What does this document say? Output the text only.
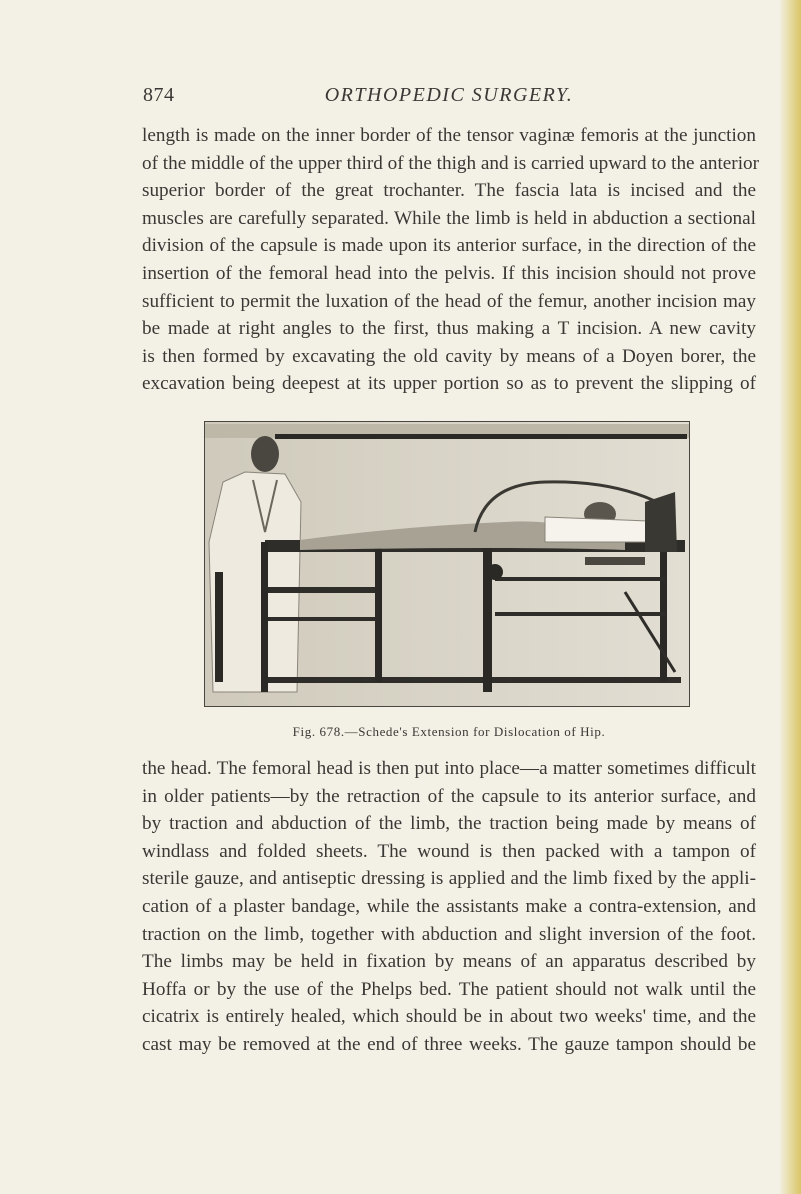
874	ORTHOPEDIC SURGERY.
length is made on the inner border of the tensor vaginæ femoris at the junction
of the middle of the upper third of the thigh and is carried upward to the anterior
superior border of the great trochanter. The fascia lata is incised and the
muscles are carefully separated. While the limb is held in abduction a sectional
division of the capsule is made upon its anterior surface, in the direction of the
insertion of the femoral head into the pelvis. If this incision should not prove
sufficient to permit the luxation of the head of the femur, another incision may
be made at right angles to the first, thus making a T incision. A new cavity
is then formed by excavating the old cavity by means of a Doyen borer, the
excavation being deepest at its upper portion so as to prevent the slipping of
Fig. 678.—Schede's Extension for Dislocation of Hip.
the head. The femoral head is then put into place—a matter sometimes difficult
in older patients—by the retraction of the capsule to its anterior surface, and
by traction and abduction of the limb, the traction being made by means of
windlass and folded sheets. The wound is then packed with a tampon of
sterile gauze, and antiseptic dressing is applied and the limb fixed by the appli-
cation of a plaster bandage, while the assistants make a contra-extension, and
traction on the limb, together with abduction and slight inversion of the foot.
The limbs may be held in fixation by means of an apparatus described by
Hoffa or by the use of the Phelps bed. The patient should not walk until the
cicatrix is entirely healed, which should be in about two weeks' time, and the
cast may be removed at the end of three weeks. The gauze tampon should be
